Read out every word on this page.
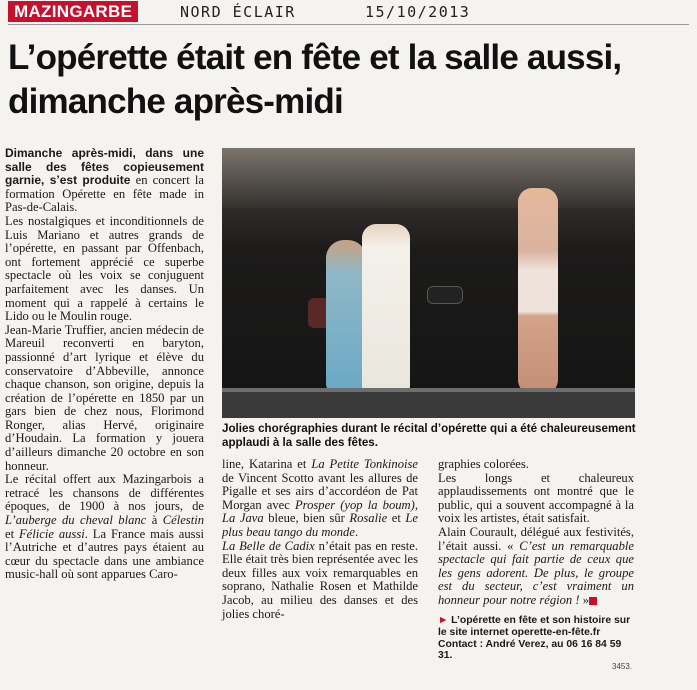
MAZINGARBE	NORD ÉCLAIR	15/10/2013
L’opérette était en fête et la salle aussi, dimanche après-midi

Dimanche après-midi, dans une salle des fêtes copieusement garnie, s’est produite en concert la formation Opérette en fête made in Pas-de-Calais.

Les nostalgiques et inconditionnels de Luis Mariano et autres grands de l’opérette, en passant par Offenbach, ont fortement apprécié ce superbe spectacle où les voix se conjuguent parfaitement avec les danses. Un moment qui a rappelé à certains le Lido ou le Moulin rouge.

Jean-Marie Truffier, ancien médecin de Mareuil reconverti en baryton, passionné d’art lyrique et élève du conservatoire d’Abbeville, annonce chaque chanson, son origine, depuis la création de l’opérette en 1850 par un gars bien de chez nous, Florimond Ronger, alias Hervé, originaire d’Houdain. La formation y jouera d’ailleurs dimanche 20 octobre en son honneur.

Le récital offert aux Mazingarbois a retracé les chansons de différentes époques, de 1900 à nos jours, de L’auberge du cheval blanc à Célestin et Félicie aussi. La France mais aussi l’Autriche et d’autres pays étaient au cœur du spectacle dans une ambiance music-hall où sont apparues Caro-

Jolies chorégraphies durant le récital d’opérette qui a été chaleureusement applaudi à la salle des fêtes.

line, Katarina et La Petite Tonkinoise de Vincent Scotto avant les allures de Pigalle et ses airs d’accordéon de Pat Morgan avec Prosper (yop la boum), La Java bleue, bien sûr Rosalie et Le plus beau tango du monde.

La Belle de Cadix n’était pas en reste. Elle était très bien représentée avec les deux filles aux voix remarquables en soprano, Nathalie Rosen et Mathilde Jacob, au milieu des danses et des jolies choré-

graphies colorées.

Les longs et chaleureux applaudissements ont montré que le public, qui a souvent accompagné à la voix les artistes, était satisfait.

Alain Courault, délégué aux festivités, l’était aussi. « C’est un remarquable spectacle qui fait partie de ceux que les gens adorent. De plus, le groupe est du secteur, c’est vraiment un honneur pour notre région ! »

► L’opérette en fête et son histoire sur le site internet operette-en-fête.fr
Contact : André Verez, au 06 16 84 59 31.
3453.
